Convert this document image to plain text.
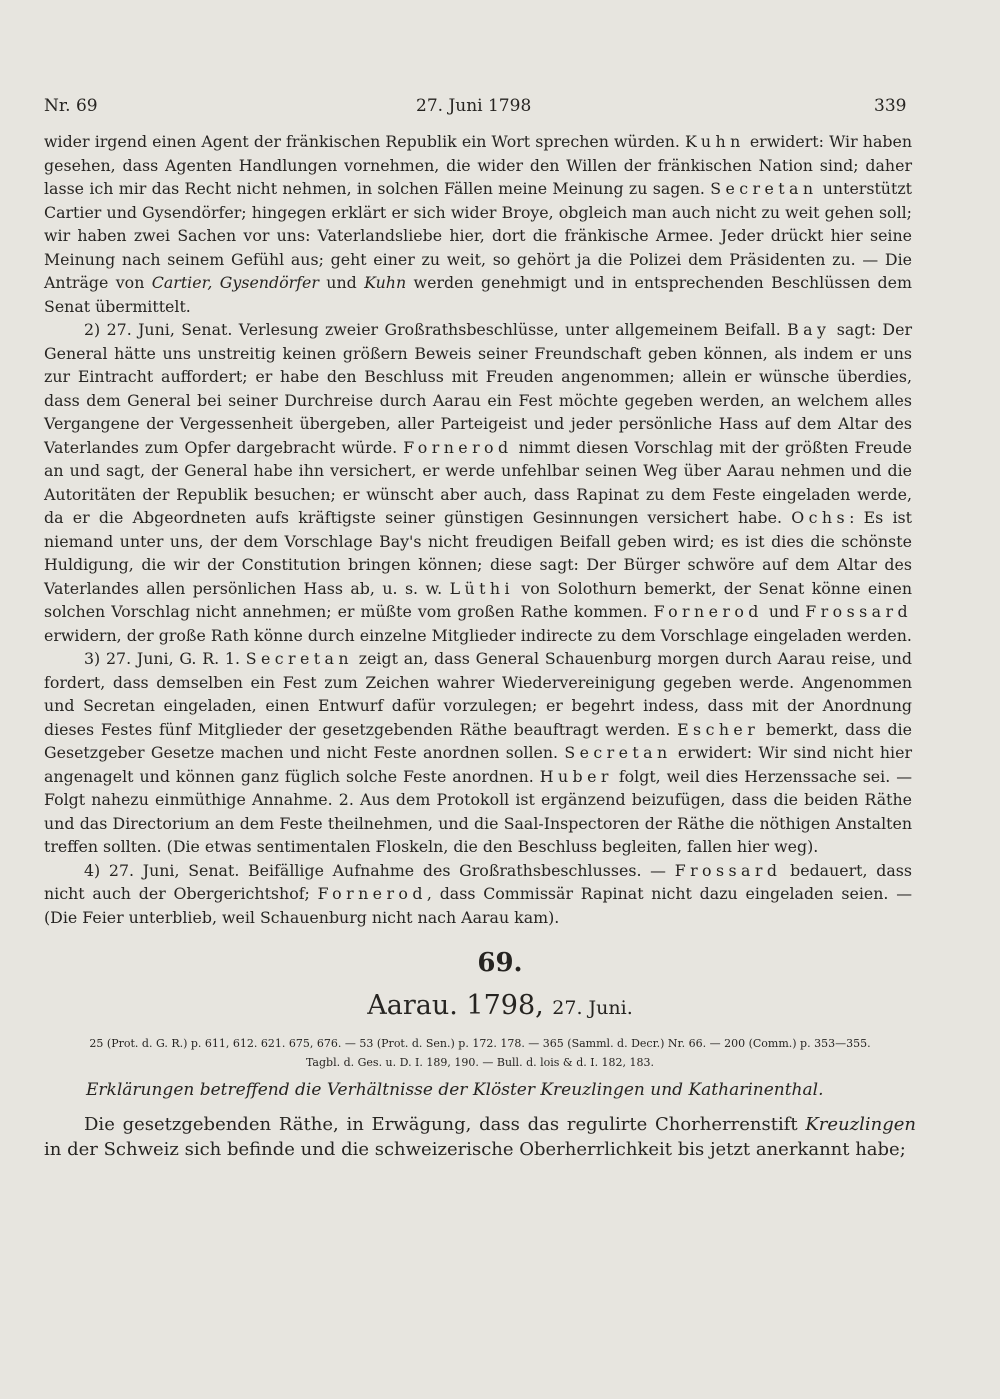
Nr. 69	27. Juni 1798	339

wider irgend einen Agent der fränkischen Republik ein Wort sprechen würden. Kuhn erwidert: Wir haben gesehen, dass Agenten Handlungen vornehmen, die wider den Willen der fränkischen Nation sind; daher lasse ich mir das Recht nicht nehmen, in solchen Fällen meine Meinung zu sagen. Secretan unterstützt Cartier und Gysendörfer; hingegen erklärt er sich wider Broye, obgleich man auch nicht zu weit gehen soll; wir haben zwei Sachen vor uns: Vaterlandsliebe hier, dort die fränkische Armee. Jeder drückt hier seine Meinung nach seinem Gefühl aus; geht einer zu weit, so gehört ja die Polizei dem Präsidenten zu. — Die Anträge von Cartier, Gysendörfer und Kuhn werden genehmigt und in entsprechenden Beschlüssen dem Senat übermittelt.

2) 27. Juni, Senat. Verlesung zweier Großrathsbeschlüsse, unter allgemeinem Beifall. Bay sagt: Der General hätte uns unstreitig keinen größern Beweis seiner Freundschaft geben können, als indem er uns zur Eintracht auffordert; er habe den Beschluss mit Freuden angenommen; allein er wünsche überdies, dass dem General bei seiner Durchreise durch Aarau ein Fest möchte gegeben werden, an welchem alles Vergangene der Vergessenheit übergeben, aller Parteigeist und jeder persönliche Hass auf dem Altar des Vaterlandes zum Opfer dargebracht würde. Fornerod nimmt diesen Vorschlag mit der größten Freude an und sagt, der General habe ihn versichert, er werde unfehlbar seinen Weg über Aarau nehmen und die Autoritäten der Republik besuchen; er wünscht aber auch, dass Rapinat zu dem Feste eingeladen werde, da er die Abgeordneten aufs kräftigste seiner günstigen Gesinnungen versichert habe. Ochs: Es ist niemand unter uns, der dem Vorschlage Bay's nicht freudigen Beifall geben wird; es ist dies die schönste Huldigung, die wir der Constitution bringen können; diese sagt: Der Bürger schwöre auf dem Altar des Vaterlandes allen persönlichen Hass ab, u. s. w. Lüthi von Solothurn bemerkt, der Senat könne einen solchen Vorschlag nicht annehmen; er müßte vom großen Rathe kommen. Fornerod und Frossard erwidern, der große Rath könne durch einzelne Mitglieder indirecte zu dem Vorschlage eingeladen werden.

3) 27. Juni, G. R. 1. Secretan zeigt an, dass General Schauenburg morgen durch Aarau reise, und fordert, dass demselben ein Fest zum Zeichen wahrer Wiedervereinigung gegeben werde. Angenommen und Secretan eingeladen, einen Entwurf dafür vorzulegen; er begehrt indess, dass mit der Anordnung dieses Festes fünf Mitglieder der gesetzgebenden Räthe beauftragt werden. Escher bemerkt, dass die Gesetzgeber Gesetze machen und nicht Feste anordnen sollen. Secretan erwidert: Wir sind nicht hier angenagelt und können ganz füglich solche Feste anordnen. Huber folgt, weil dies Herzenssache sei. — Folgt nahezu einmüthige Annahme. 2. Aus dem Protokoll ist ergänzend beizufügen, dass die beiden Räthe und das Directorium an dem Feste theilnehmen, und die Saal-Inspectoren der Räthe die nöthigen Anstalten treffen sollten. (Die etwas sentimentalen Floskeln, die den Beschluss begleiten, fallen hier weg).

4) 27. Juni, Senat. Beifällige Aufnahme des Großrathsbeschlusses. — Frossard bedauert, dass nicht auch der Obergerichtshof; Fornerod, dass Commissär Rapinat nicht dazu eingeladen seien. — (Die Feier unterblieb, weil Schauenburg nicht nach Aarau kam).

69.
Aarau. 1798, 27. Juni.
25 (Prot. d. G. R.) p. 611, 612. 621. 675, 676. — 53 (Prot. d. Sen.) p. 172. 178. — 365 (Samml. d. Decr.) Nr. 66. — 200 (Comm.) p. 353—355.
Tagbl. d. Ges. u. D. I. 189, 190. — Bull. d. lois & d. I. 182, 183.
Erklärungen betreffend die Verhältnisse der Klöster Kreuzlingen und Katharinenthal.

Die gesetzgebenden Räthe, in Erwägung, dass das regulirte Chorherrenstift Kreuzlingen in der Schweiz sich befinde und die schweizerische Oberherrlichkeit bis jetzt anerkannt habe;
